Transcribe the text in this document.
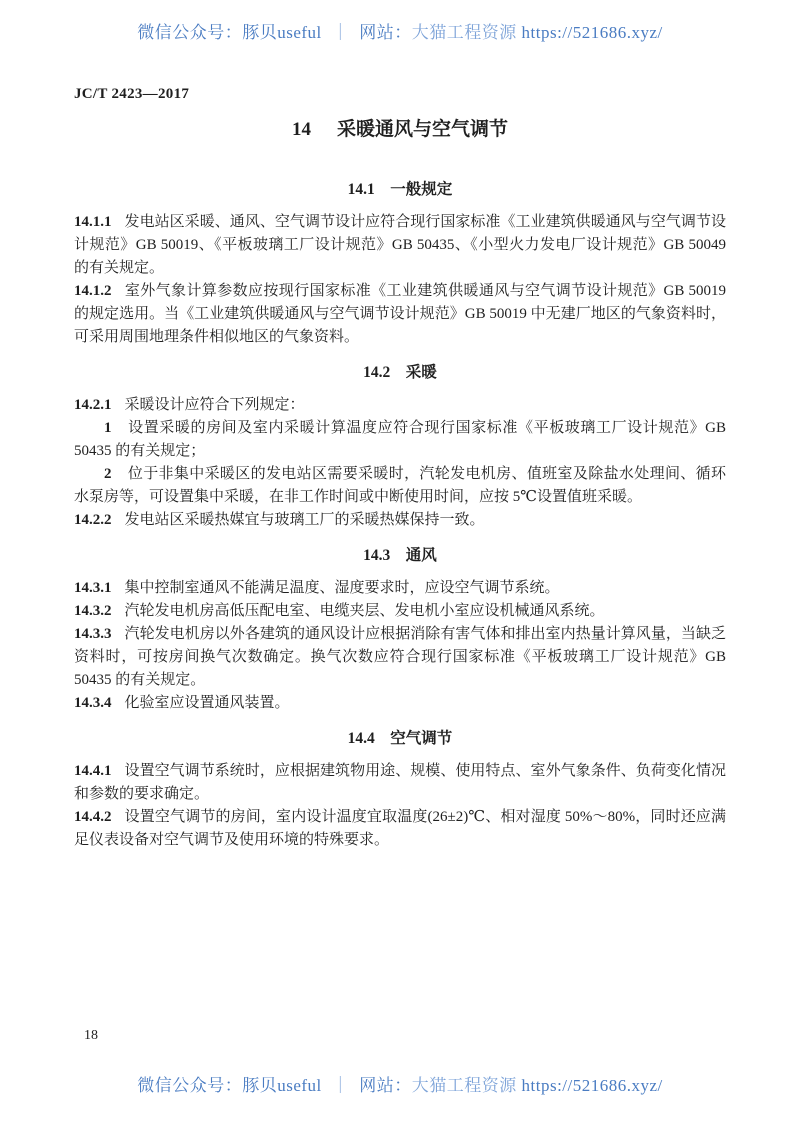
微信公众号：豚贝useful ｜ 网站：大猫工程资源 https://521686.xyz/
JC/T 2423—2017
14 采暖通风与空气调节
14.1　一般规定

14.1.1 发电站区采暖、通风、空气调节设计应符合现行国家标准《工业建筑供暖通风与空气调节设计规范》GB 50019、《平板玻璃工厂设计规范》GB 50435、《小型火力发电厂设计规范》GB 50049 的有关规定。

14.1.2 室外气象计算参数应按现行国家标准《工业建筑供暖通风与空气调节设计规范》GB 50019 的规定选用。当《工业建筑供暖通风与空气调节设计规范》GB 50019 中无建厂地区的气象资料时，可采用周围地理条件相似地区的气象资料。

14.2　采暖

14.2.1 采暖设计应符合下列规定：

1 设置采暖的房间及室内采暖计算温度应符合现行国家标准《平板玻璃工厂设计规范》GB 50435 的有关规定；

2 位于非集中采暖区的发电站区需要采暖时，汽轮发电机房、值班室及除盐水处理间、循环水泵房等，可设置集中采暖，在非工作时间或中断使用时间，应按 5℃设置值班采暖。

14.2.2 发电站区采暖热媒宜与玻璃工厂的采暖热媒保持一致。

14.3　通风

14.3.1 集中控制室通风不能满足温度、湿度要求时，应设空气调节系统。

14.3.2 汽轮发电机房高低压配电室、电缆夹层、发电机小室应设机械通风系统。

14.3.3 汽轮发电机房以外各建筑的通风设计应根据消除有害气体和排出室内热量计算风量，当缺乏资料时，可按房间换气次数确定。换气次数应符合现行国家标准《平板玻璃工厂设计规范》GB 50435 的有关规定。

14.3.4 化验室应设置通风装置。

14.4　空气调节

14.4.1 设置空气调节系统时，应根据建筑物用途、规模、使用特点、室外气象条件、负荷变化情况和参数的要求确定。

14.4.2 设置空气调节的房间，室内设计温度宜取温度(26±2)℃、相对湿度 50%～80%，同时还应满足仪表设备对空气调节及使用环境的特殊要求。

18
微信公众号：豚贝useful ｜ 网站：大猫工程资源 https://521686.xyz/
